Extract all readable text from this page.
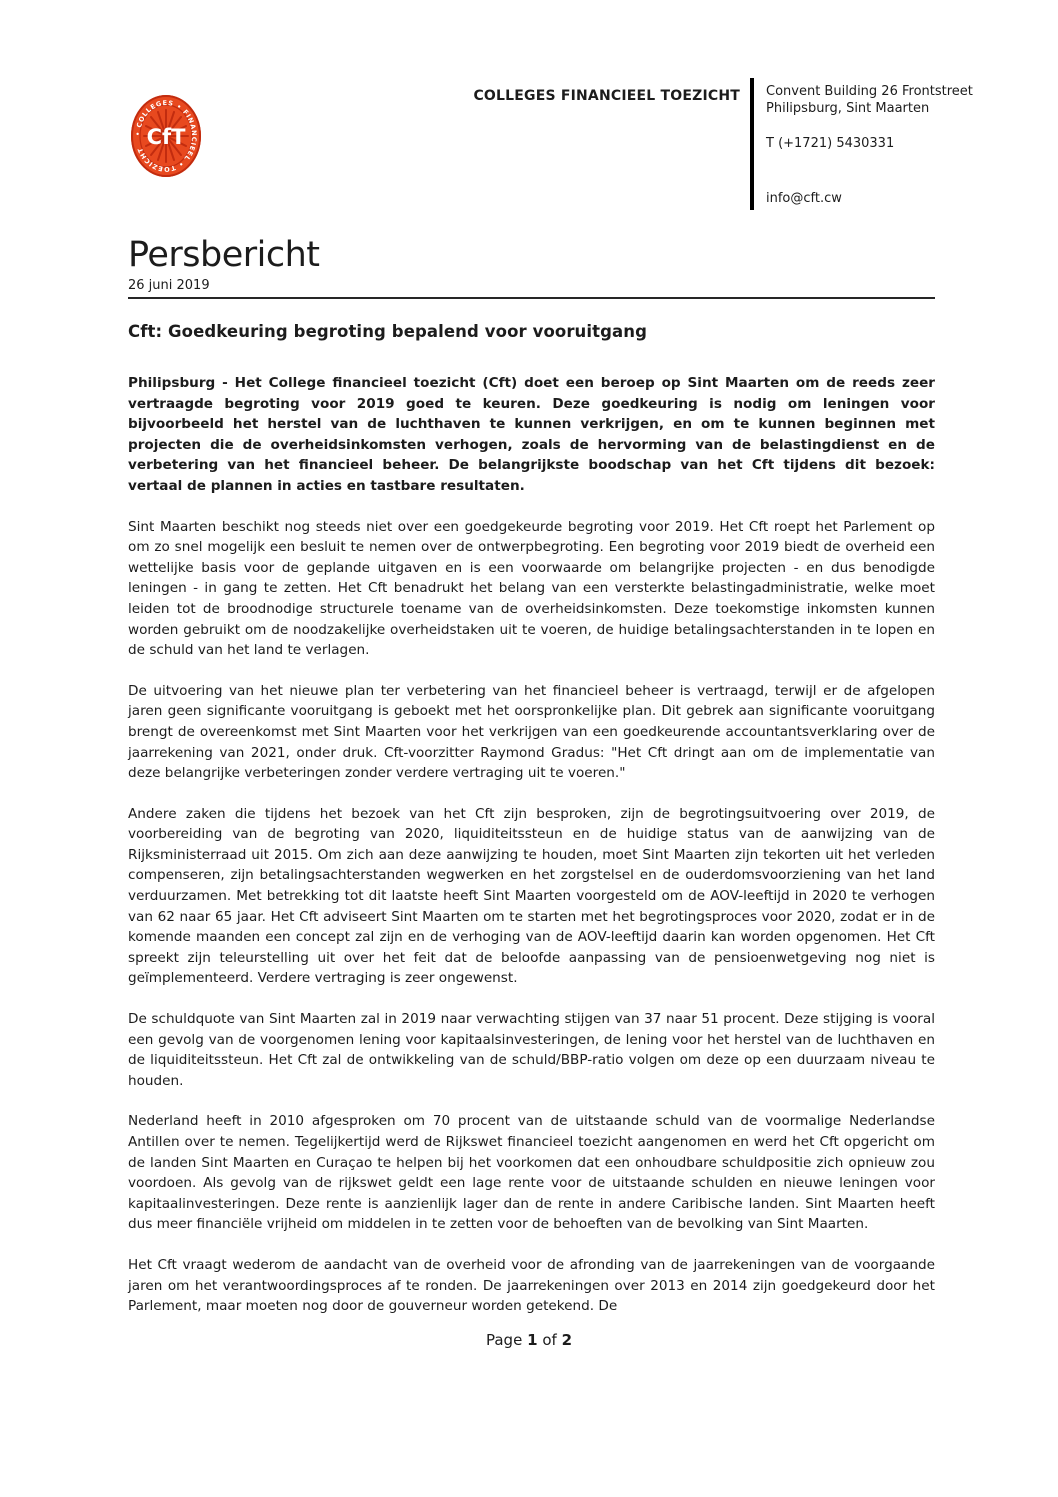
• COLLEGES • FINANCIEEL • TOEZICHT
CfT
COLLEGES FINANCIEEL TOEZICHT Convent Building 26 Frontstreet
Philipsburg, Sint Maarten
T (+1721) 5430331
info@cft.cw
Persbericht
26 juni 2019
Cft: Goedkeuring begroting bepalend voor vooruitgang

Philipsburg - Het College financieel toezicht (Cft) doet een beroep op Sint Maarten om de reeds zeer vertraagde begroting voor 2019 goed te keuren. Deze goedkeuring is nodig om leningen voor bijvoorbeeld het herstel van de luchthaven te kunnen verkrijgen, en om te kunnen beginnen met projecten die de overheidsinkomsten verhogen, zoals de hervorming van de belastingdienst en de verbetering van het financieel beheer. De belangrijkste boodschap van het Cft tijdens dit bezoek: vertaal de plannen in acties en tastbare resultaten.

Sint Maarten beschikt nog steeds niet over een goedgekeurde begroting voor 2019. Het Cft roept het Parlement op om zo snel mogelijk een besluit te nemen over de ontwerpbegroting. Een begroting voor 2019 biedt de overheid een wettelijke basis voor de geplande uitgaven en is een voorwaarde om belangrijke projecten - en dus benodigde leningen - in gang te zetten. Het Cft benadrukt het belang van een versterkte belastingadministratie, welke moet leiden tot de broodnodige structurele toename van de overheidsinkomsten. Deze toekomstige inkomsten kunnen worden gebruikt om de noodzakelijke overheidstaken uit te voeren, de huidige betalingsachterstanden in te lopen en de schuld van het land te verlagen.

De uitvoering van het nieuwe plan ter verbetering van het financieel beheer is vertraagd, terwijl er de afgelopen jaren geen significante vooruitgang is geboekt met het oorspronkelijke plan. Dit gebrek aan significante vooruitgang brengt de overeenkomst met Sint Maarten voor het verkrijgen van een goedkeurende accountantsverklaring over de jaarrekening van 2021, onder druk. Cft-voorzitter Raymond Gradus: "Het Cft dringt aan om de implementatie van deze belangrijke verbeteringen zonder verdere vertraging uit te voeren."

Andere zaken die tijdens het bezoek van het Cft zijn besproken, zijn de begrotingsuitvoering over 2019, de voorbereiding van de begroting van 2020, liquiditeitssteun en de huidige status van de aanwijzing van de Rijksministerraad uit 2015. Om zich aan deze aanwijzing te houden, moet Sint Maarten zijn tekorten uit het verleden compenseren, zijn betalingsachterstanden wegwerken en het zorgstelsel en de ouderdomsvoorziening van het land verduurzamen. Met betrekking tot dit laatste heeft Sint Maarten voorgesteld om de AOV-leeftijd in 2020 te verhogen van 62 naar 65 jaar. Het Cft adviseert Sint Maarten om te starten met het begrotingsproces voor 2020, zodat er in de komende maanden een concept zal zijn en de verhoging van de AOV-leeftijd daarin kan worden opgenomen. Het Cft spreekt zijn teleurstelling uit over het feit dat de beloofde aanpassing van de pensioenwetgeving nog niet is geïmplementeerd. Verdere vertraging is zeer ongewenst.

De schuldquote van Sint Maarten zal in 2019 naar verwachting stijgen van 37 naar 51 procent. Deze stijging is vooral een gevolg van de voorgenomen lening voor kapitaalsinvesteringen, de lening voor het herstel van de luchthaven en de liquiditeitssteun. Het Cft zal de ontwikkeling van de schuld/BBP-ratio volgen om deze op een duurzaam niveau te houden.

Nederland heeft in 2010 afgesproken om 70 procent van de uitstaande schuld van de voormalige Nederlandse Antillen over te nemen. Tegelijkertijd werd de Rijkswet financieel toezicht aangenomen en werd het Cft opgericht om de landen Sint Maarten en Curaçao te helpen bij het voorkomen dat een onhoudbare schuldpositie zich opnieuw zou voordoen. Als gevolg van de rijkswet geldt een lage rente voor de uitstaande schulden en nieuwe leningen voor kapitaalinvesteringen. Deze rente is aanzienlijk lager dan de rente in andere Caribische landen. Sint Maarten heeft dus meer financiële vrijheid om middelen in te zetten voor de behoeften van de bevolking van Sint Maarten.

Het Cft vraagt wederom de aandacht van de overheid voor de afronding van de jaarrekeningen van de voorgaande jaren om het verantwoordingsproces af te ronden. De jaarrekeningen over 2013 en 2014 zijn goedgekeurd door het Parlement, maar moeten nog door de gouverneur worden getekend. De

Page 1 of 2
